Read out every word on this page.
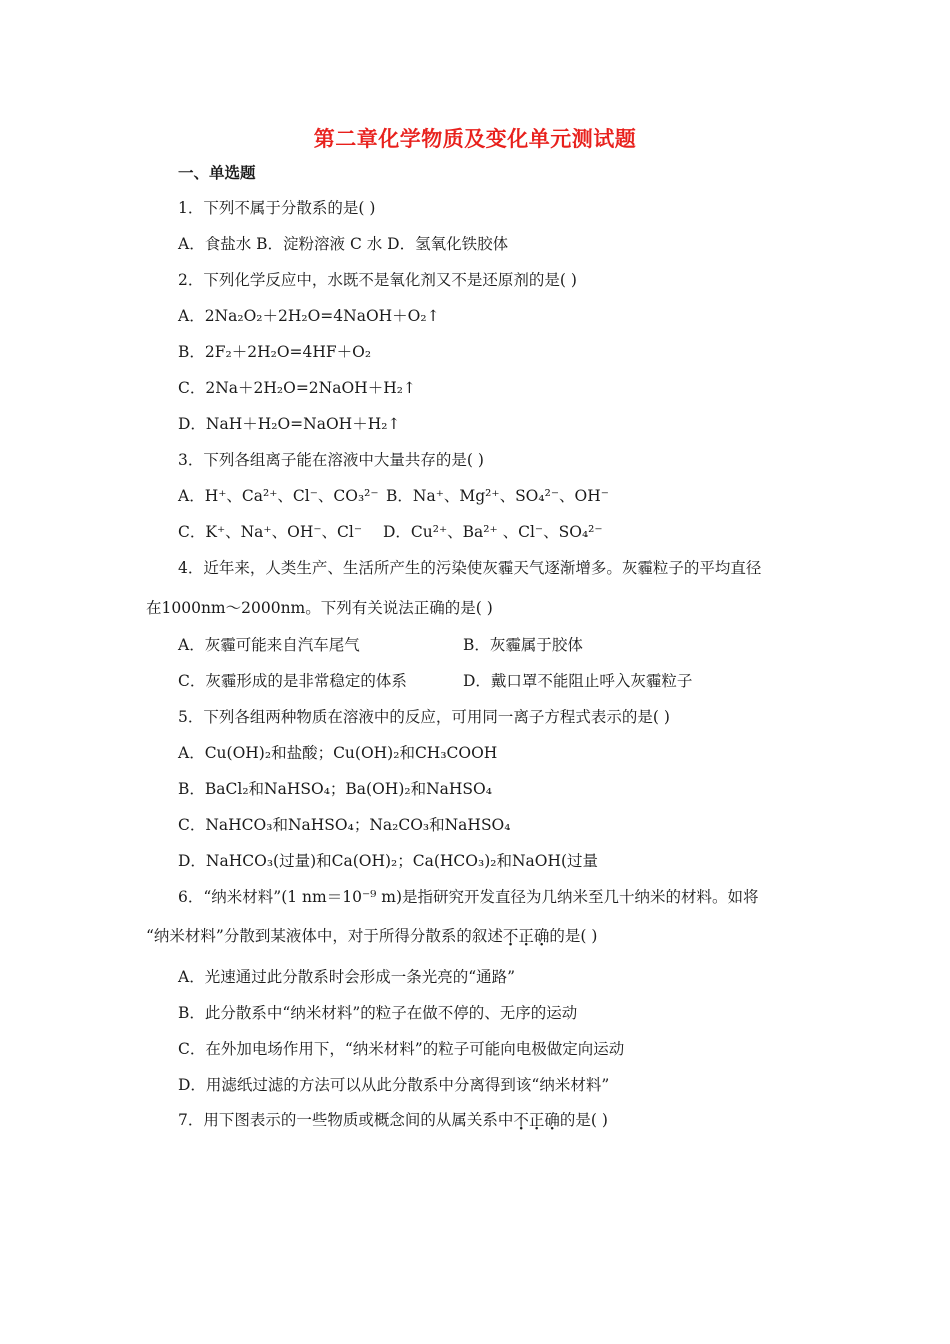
第二章化学物质及变化单元测试题
一、单选题
1．下列不属于分散系的是( )
A．食盐水 B．淀粉溶液 C 水 D．氢氧化铁胶体
2．下列化学反应中，水既不是氧化剂又不是还原剂的是( )
A．2Na₂O₂＋2H₂O=4NaOH＋O₂↑
B．2F₂＋2H₂O=4HF＋O₂
C．2Na＋2H₂O=2NaOH＋H₂↑
D．NaH＋H₂O=NaOH＋H₂↑
3．下列各组离子能在溶液中大量共存的是( )
A．H⁺、Ca²⁺、Cl⁻、CO₃²⁻ B．Na⁺、Mg²⁺、SO₄²⁻、OH⁻
C．K⁺、Na⁺、OH⁻、Cl⁻ D．Cu²⁺、Ba²⁺ 、Cl⁻、SO₄²⁻
4．近年来，人类生产、生活所产生的污染使灰霾天气逐渐增多。灰霾粒子的平均直径
在1000nm～2000nm。下列有关说法正确的是( )
A．灰霾可能来自汽车尾气	B．灰霾属于胶体
C．灰霾形成的是非常稳定的体系	D．戴口罩不能阻止呼入灰霾粒子
5．下列各组两种物质在溶液中的反应，可用同一离子方程式表示的是( )
A．Cu(OH)₂和盐酸；Cu(OH)₂和CH₃COOH
B．BaCl₂和NaHSO₄；Ba(OH)₂和NaHSO₄
C．NaHCO₃和NaHSO₄；Na₂CO₃和NaHSO₄
D．NaHCO₃(过量)和Ca(OH)₂；Ca(HCO₃)₂和NaOH(过量
6．“纳米材料”(1 nm＝10⁻⁹ m)是指研究开发直径为几纳米至几十纳米的材料。如将
“纳米材料”分散到某液体中，对于所得分散系的叙述不正确的是( )
A．光速通过此分散系时会形成一条光亮的“通路”
B．此分散系中“纳米材料”的粒子在做不停的、无序的运动
C．在外加电场作用下，“纳米材料”的粒子可能向电极做定向运动
D．用滤纸过滤的方法可以从此分散系中分离得到该“纳米材料”
7．用下图表示的一些物质或概念间的从属关系中不正确的是( )
